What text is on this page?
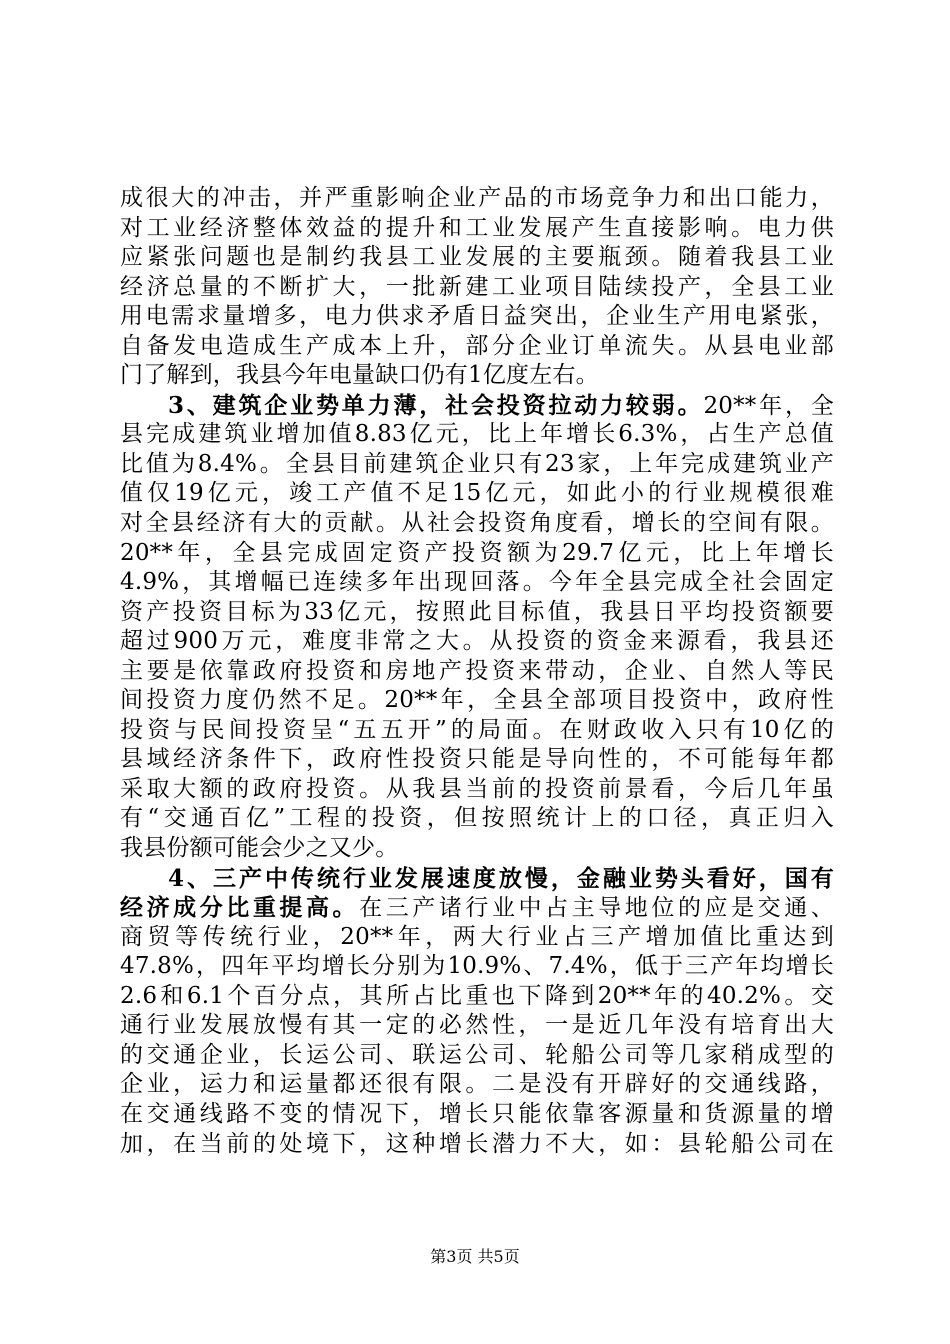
成很大的冲击，并严重影响企业产品的市场竞争力和出口能力，
对工业经济整体效益的提升和工业发展产生直接影响。电力供
应紧张问题也是制约我县工业发展的主要瓶颈。随着我县工业
经济总量的不断扩大，一批新建工业项目陆续投产，全县工业
用电需求量增多，电力供求矛盾日益突出，企业生产用电紧张，
自备发电造成生产成本上升，部分企业订单流失。从县电业部
门了解到，我县今年电量缺口仍有1亿度左右。
3、建筑企业势单力薄，社会投资拉动力较弱。20**年，全
县完成建筑业增加值8.83亿元，比上年增长6.3%，占生产总值
比值为8.4%。全县目前建筑企业只有23家，上年完成建筑业产
值仅19亿元，竣工产值不足15亿元，如此小的行业规模很难
对全县经济有大的贡献。从社会投资角度看，增长的空间有限。
20**年，全县完成固定资产投资额为29.7亿元，比上年增长
4.9%，其增幅已连续多年出现回落。今年全县完成全社会固定
资产投资目标为33亿元，按照此目标值，我县日平均投资额要
超过900万元，难度非常之大。从投资的资金来源看，我县还
主要是依靠政府投资和房地产投资来带动，企业、自然人等民
间投资力度仍然不足。20**年，全县全部项目投资中，政府性
投资与民间投资呈“五五开”的局面。在财政收入只有10亿的
县域经济条件下，政府性投资只能是导向性的，不可能每年都
采取大额的政府投资。从我县当前的投资前景看，今后几年虽
有“交通百亿”工程的投资，但按照统计上的口径，真正归入
我县份额可能会少之又少。
4、三产中传统行业发展速度放慢，金融业势头看好，国有
经济成分比重提高。在三产诸行业中占主导地位的应是交通、
商贸等传统行业，20**年，两大行业占三产增加值比重达到
47.8%，四年平均增长分别为10.9%、7.4%，低于三产年均增长
2.6和6.1个百分点，其所占比重也下降到20**年的40.2%。交
通行业发展放慢有其一定的必然性，一是近几年没有培育出大
的交通企业，长运公司、联运公司、轮船公司等几家稍成型的
企业，运力和运量都还很有限。二是没有开辟好的交通线路，
在交通线路不变的情况下，增长只能依靠客源量和货源量的增
加，在当前的处境下，这种增长潜力不大，如：县轮船公司在
第3页 共5页
